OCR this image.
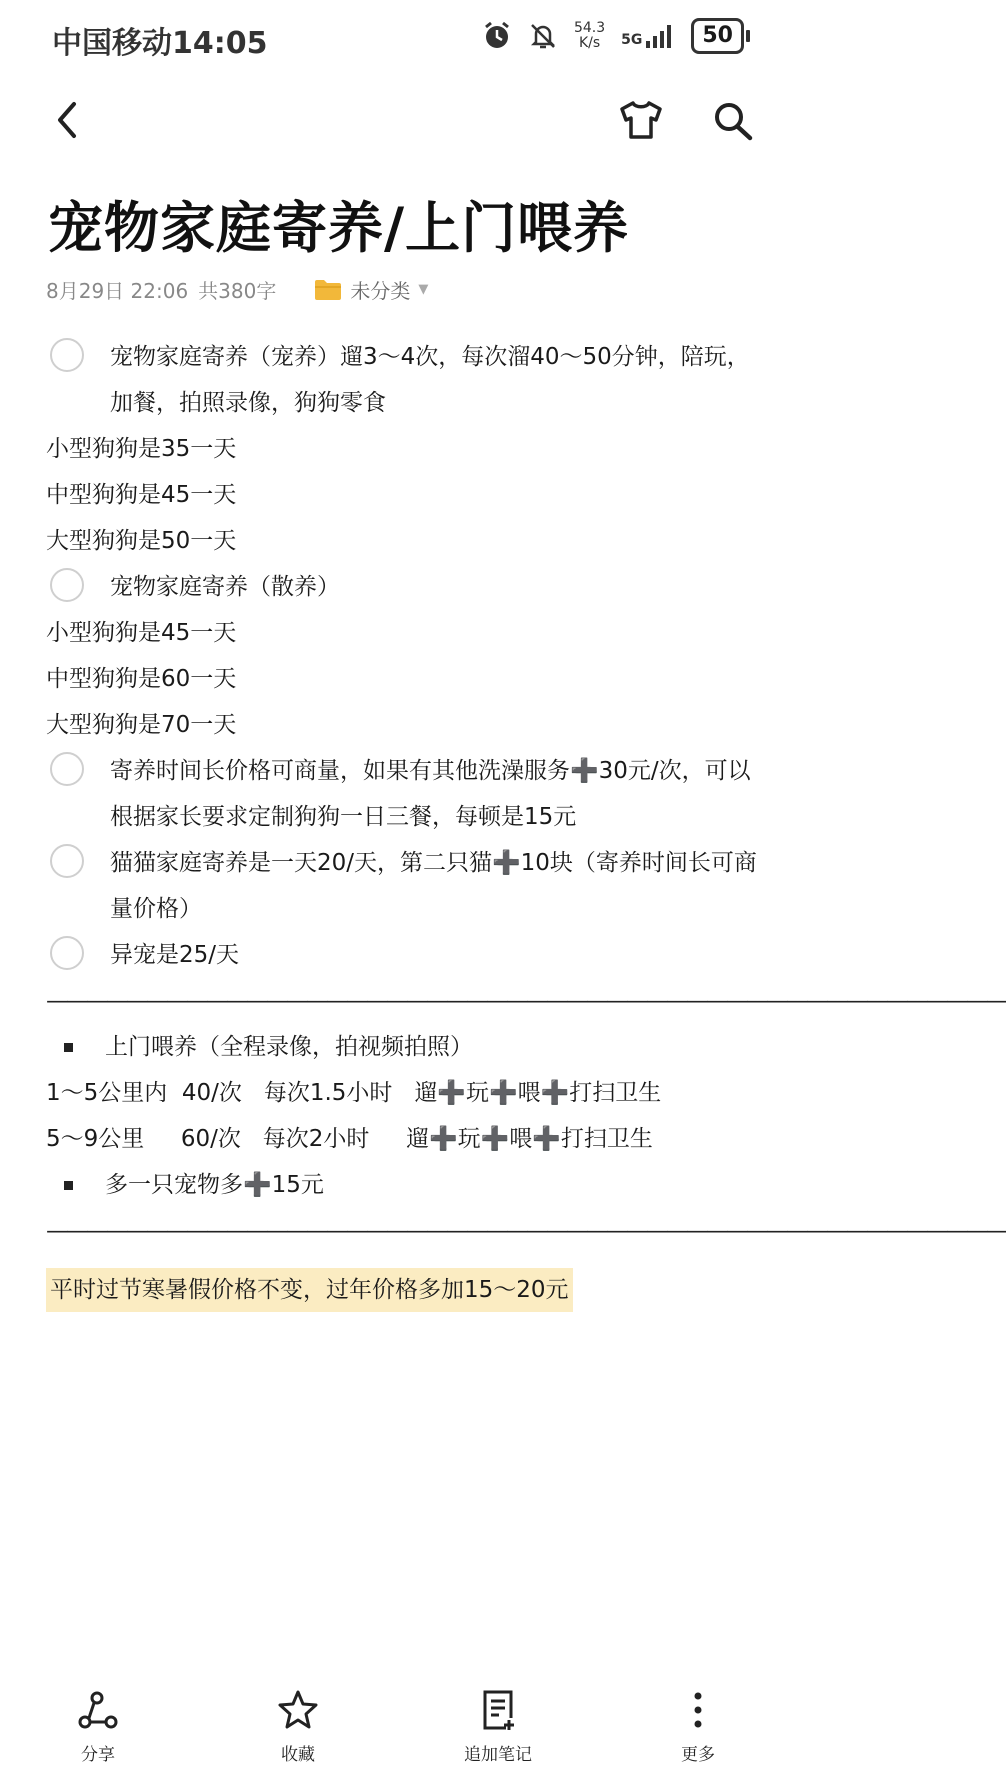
中国移动14:05	54.3
K/s	5G	50
宠物家庭寄养/上门喂养
8月29日 22:06 共380字	未分类 ▼
宠物家庭寄养（宠养）遛3～4次，每次溜40～50分钟，陪玩，加餐，拍照录像，狗狗零食
小型狗狗是35一天
中型狗狗是45一天
大型狗狗是50一天
宠物家庭寄养（散养）
小型狗狗是45一天
中型狗狗是60一天
大型狗狗是70一天
寄养时间长价格可商量，如果有其他洗澡服务➕30元/次，可以根据家长要求定制狗狗一日三餐，每顿是15元
猫猫家庭寄养是一天20/天，第二只猫➕10块（寄养时间长可商量价格）
异宠是25/天
————————————————————————————————————————————————
上门喂养（全程录像，拍视频拍照）
1～5公里内  40/次   每次1.5小时   遛➕玩➕喂➕打扫卫生
5～9公里     60/次   每次2小时     遛➕玩➕喂➕打扫卫生
多一只宠物多➕15元
————————————————————————————————————————————————
平时过节寒暑假价格不变，过年价格多加15～20元
分享	收藏	追加笔记	更多
